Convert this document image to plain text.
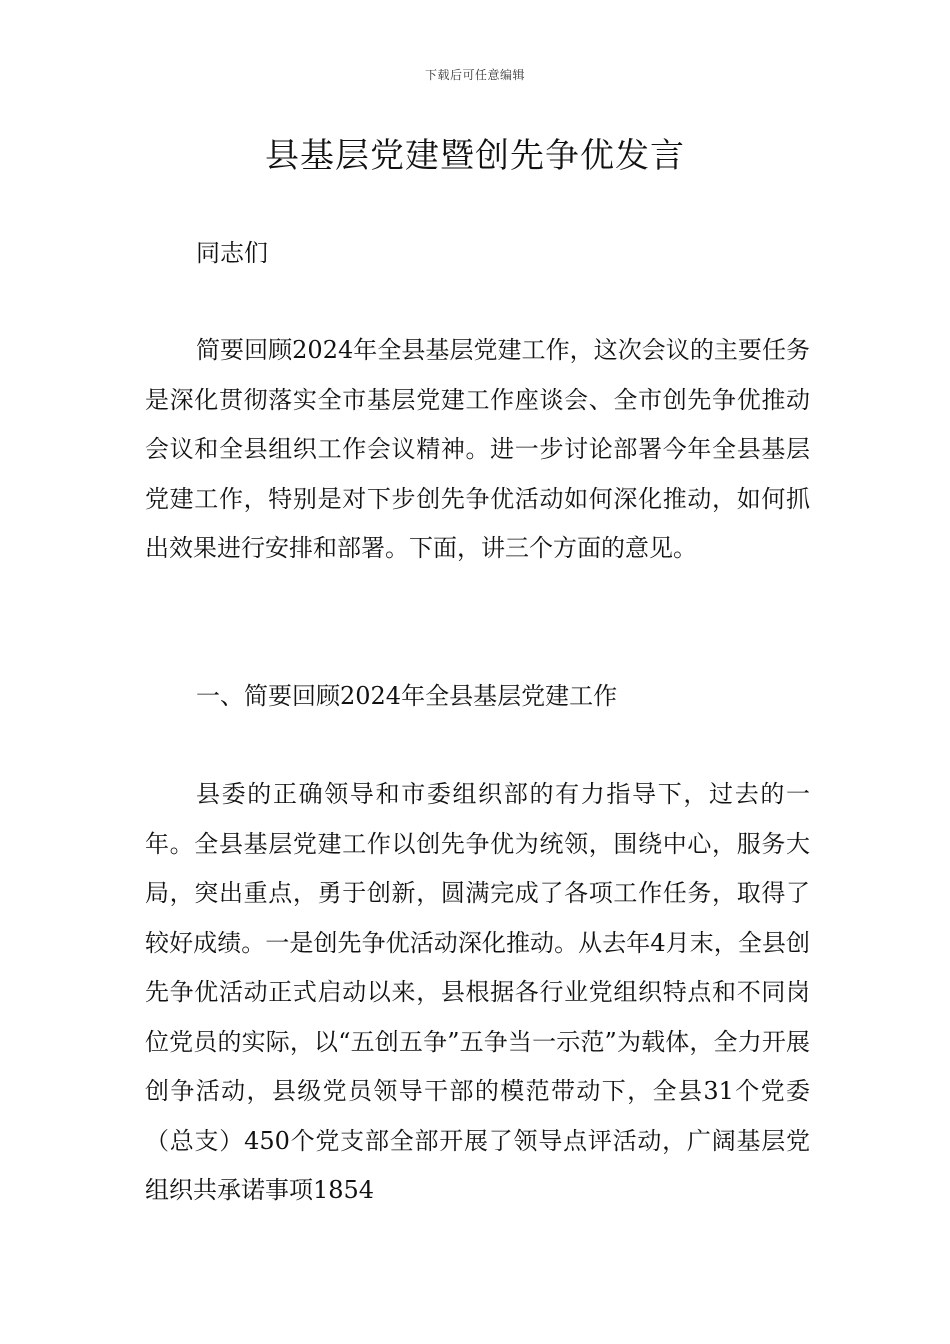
下载后可任意编辑
县基层党建暨创先争优发言

同志们

简要回顾2024年全县基层党建工作，这次会议的主要任务是深化贯彻落实全市基层党建工作座谈会、全市创先争优推动会议和全县组织工作会议精神。进一步讨论部署今年全县基层党建工作，特别是对下步创先争优活动如何深化推动，如何抓出效果进行安排和部署。下面，讲三个方面的意见。

一、简要回顾2024年全县基层党建工作

县委的正确领导和市委组织部的有力指导下，过去的一年。全县基层党建工作以创先争优为统领，围绕中心，服务大局，突出重点，勇于创新，圆满完成了各项工作任务，取得了较好成绩。一是创先争优活动深化推动。从去年4月末，全县创先争优活动正式启动以来，县根据各行业党组织特点和不同岗位党员的实际，以“五创五争”五争当一示范”为载体，全力开展创争活动，县级党员领导干部的模范带动下，全县31个党委（总支）450个党支部全部开展了领导点评活动，广阔基层党组织共承诺事项1854
